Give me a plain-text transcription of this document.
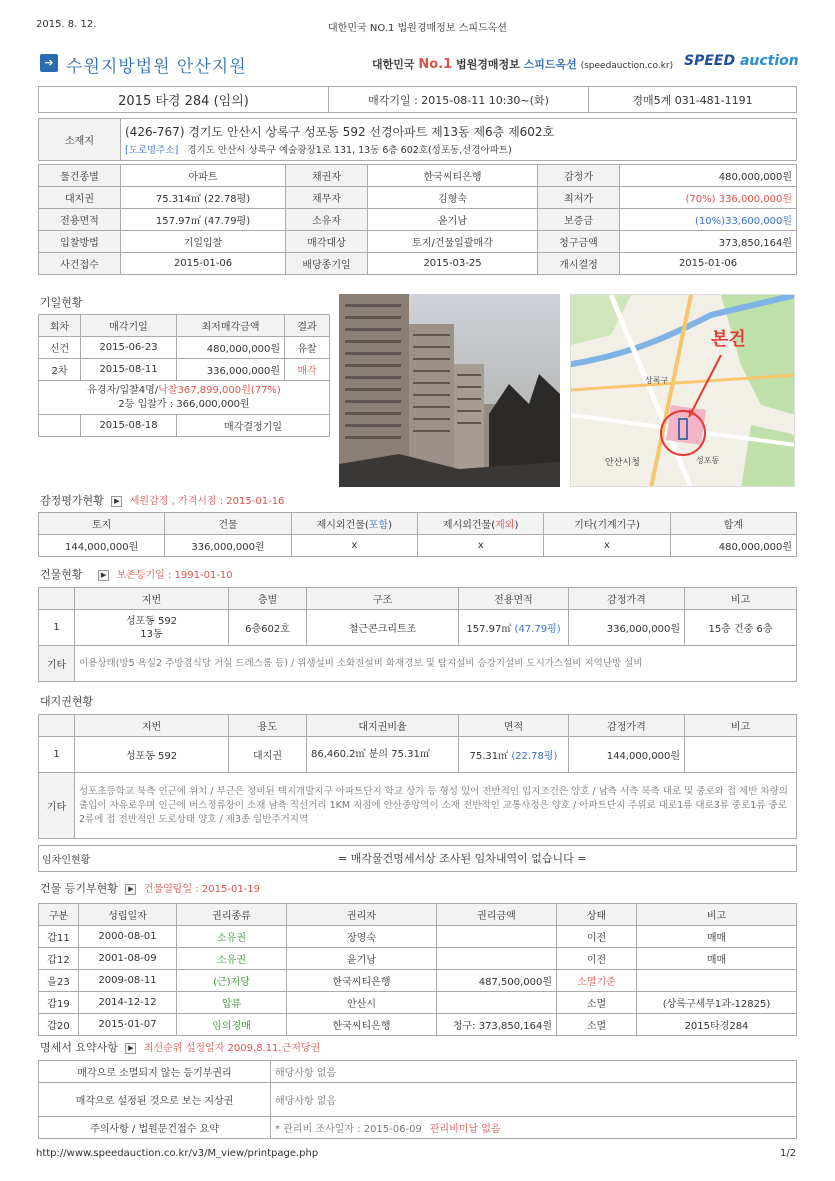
2015. 8. 12.	대한민국 NO.1 법원경매정보 스피드옥션
➔ 수원지방법원 안산지원	대한민국 No.1 법원경매정보 스피드옥션 (speedauction.co.kr) SPEED auction
2015 타경 284 (임의)	매각기일 : 2015-08-11 10:30~(화)	경매5계 031-481-1191
소재지	
(426-767) 경기도 안산시 상록구 성포동 592 선경아파트 제13동 제6층 제602호
[도로명주소] 경기도 안산시 상록구 예술광장1로 131, 13동 6층 602호(성포동,선경아파트)
물건종별	아파트	채권자	한국씨티은행	감정가	480,000,000원
대지권	75.314㎡ (22.78평)	채무자	김형숙	최저가	(70%) 336,000,000원
전용면적	157.97㎡ (47.79평)	소유자	윤기남	보증금	(10%)33,600,000원
입찰방법	기일입찰	매각대상	토지/건물일괄매각	청구금액	373,850,164원
사건접수	2015-01-06	배당종기일	2015-03-25	개시결정	2015-01-06
기일현황
회차	매각기일	최저매각금액	결과
신건	2015-06-23	480,000,000원	유찰
2차	2015-08-11	336,000,000원	매각
유경자/입찰4명/낙찰367,899,000원(77%)
2등 입찰가 : 366,000,000원			
	2015-08-18	매각결정기일	
본건
안산시청	성포동
상록구
감정평가현황 ▶ 세원감정 , 가격시점 : 2015-01-16
토지	건물	제시외건물(포함)	제시외건물(제외)	기타(기계기구)	합계
144,000,000원	336,000,000원	x	x	x	480,000,000원
건물현황	▶ 보존등기일 : 1991-01-10
	지번	층별	구조	전용면적	감정가격	비고
1	성포동 592
13동	6층602호	철근콘크리트조	157.97㎡ (47.79평)	336,000,000원	15층 건중 6층
기타	이용상태(방5 욕실2 주방겸식당 거실 드레스룸 등) / 위생설비 소화전설비 화재경보 및 탐지설비 승강기설비 도시가스설비 지역난방 설비					
대지권현황
	지번	용도	대지권비율	면적	감정가격	비고
1	성포동 592	대지권	86,460.2㎡ 분의 75.31㎡	75.31㎡ (22.78평)	144,000,000원	
기타	성포초등학교 북측 인근에 위치 / 부근은 정비된 택지개발지구 아파트단지 학교 상가 등 형성 있어 전반적인 입지조건은 양호 / 남측 서측 북측 대로 및 중로와 접 제반 차량의 출입이 자유로우며 인근에 버스정류장이 소재 남측 직선거리 1KM 지점에 안산중앙역이 소재 전반적인 교통사정은 양호 / 아파트단지 주위로 대로1류 대로3류 중로1류 중로2류에 접 전반적인 도로상태 양호 / 제3종 일반주거지역					
임차인현황	= 매각물건명세서상 조사된 임차내역이 없습니다 =
건물 등기부현황 ▶ 건물열람일 : 2015-01-19
구분	성립일자	권리종류	권리자	권리금액	상태	비고
갑11	2000-08-01	소유권	장영숙		이전	매매
갑12	2001-08-09	소유권	윤기남		이전	매매
을23	2009-08-11	(근)저당	한국씨티은행	487,500,000원	소멸기준	
갑19	2014-12-12	압류	안산시		소멸	(상록구세무1과-12825)
갑20	2015-01-07	임의경매	한국씨티은행	청구: 373,850,164원	소멸	2015타경284
명세서 요약사항 ▶ 최선순위 설정일자 2009.8.11.근저당권
매각으로 소멸되지 않는 등기부권리	해당사항 없음
매각으로 설정된 것으로 보는 지상권	해당사항 없음
주의사항 / 법원문건접수 요약	* 관리비 조사일자 : 2015-06-09 관리비미납 없음
http://www.speedauction.co.kr/v3/M_view/printpage.php	1/2
